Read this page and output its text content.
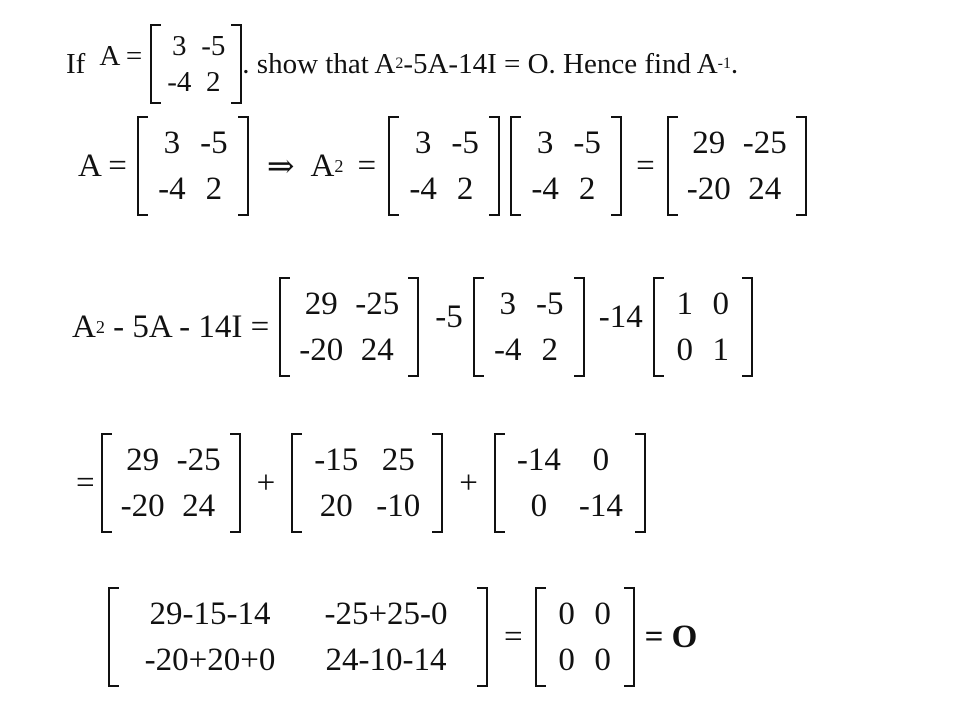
If A =	3 -5
-4 2
. show that A 2 -5A-14I = O. Hence find A -1 .
A =
3 -5
-4 2
⇒ A 2 =
3 -5
-4 2
3 -5
-4 2
=
29 -25
-20 24
A 2 - 5A - 14I =
29 -25
-20 24
-5	3 -5
-4 2
-14 1 0
0 1
=
29 -25
-20 24
+
-15 25
20 -10
+
-14 0
0 -14
29-15-14	-25+25-0
-20+20+0	24-10-14
=
0 0
0 0
= O
